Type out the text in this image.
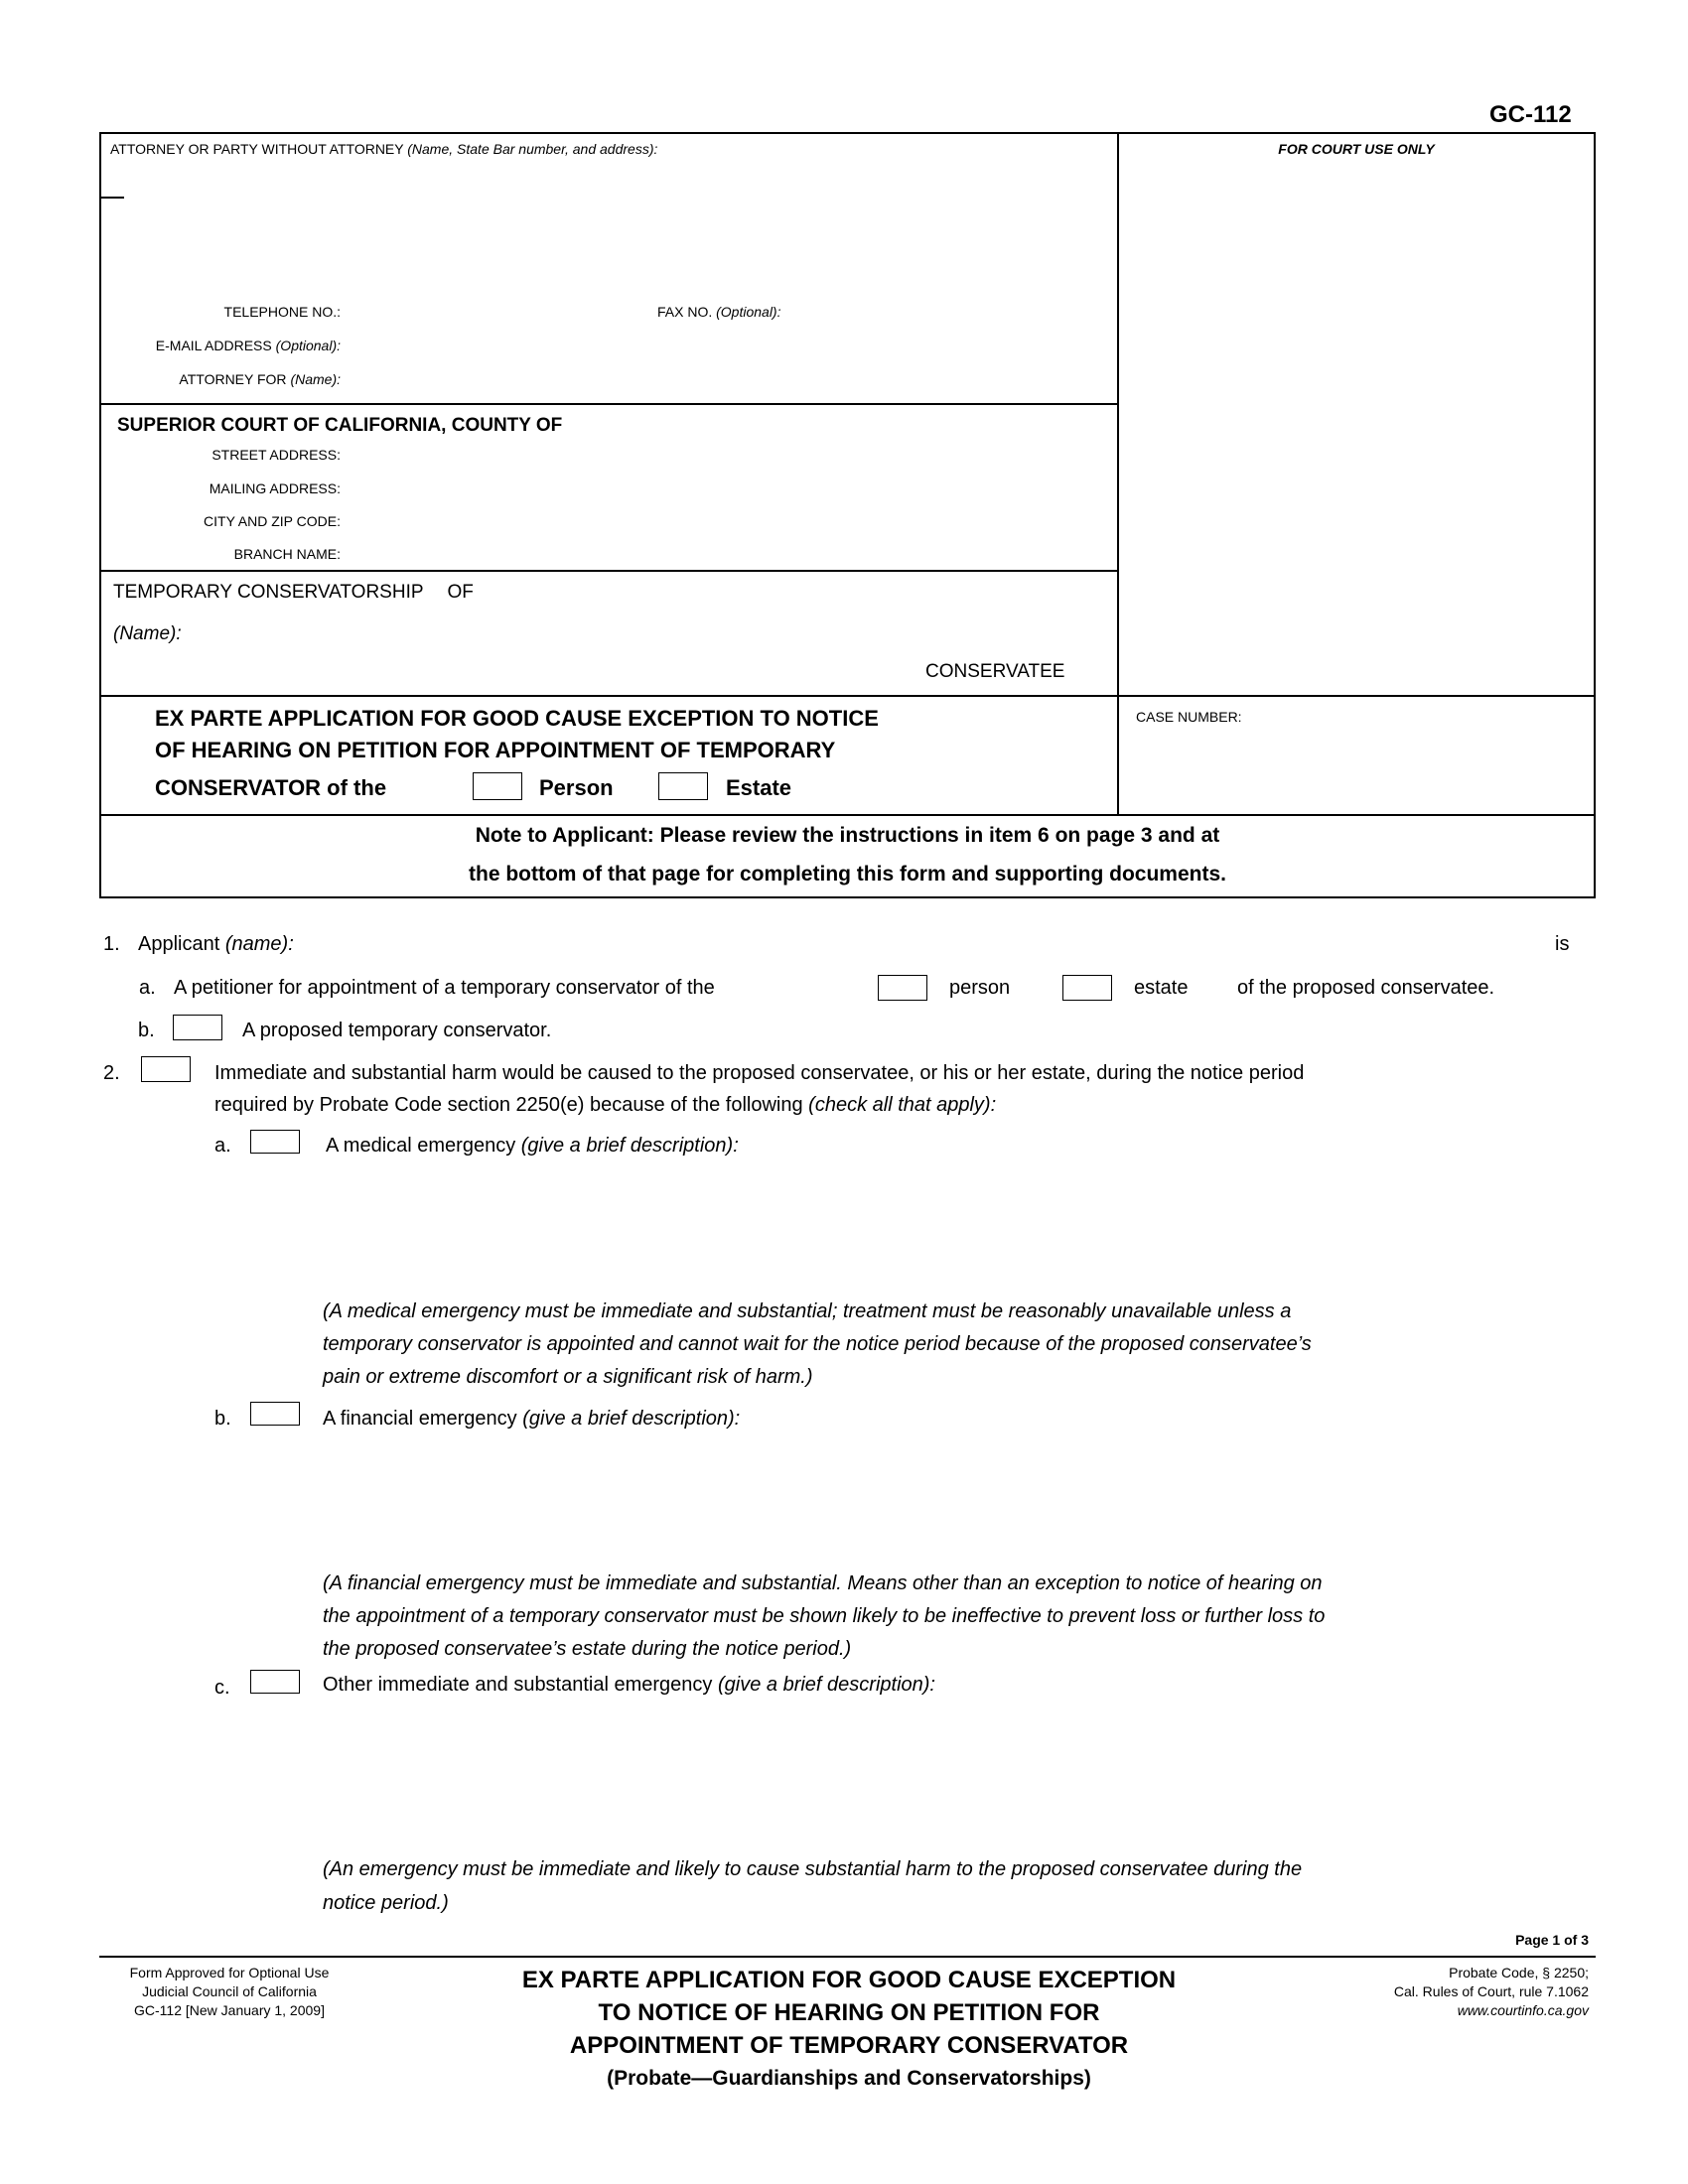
GC-112
ATTORNEY OR PARTY WITHOUT ATTORNEY (Name, State Bar number, and address):	FOR COURT USE ONLY
TELEPHONE NO.:	FAX NO. (Optional):
E-MAIL ADDRESS (Optional):
ATTORNEY FOR (Name):
SUPERIOR COURT OF CALIFORNIA, COUNTY OF
STREET ADDRESS:
MAILING ADDRESS:
CITY AND ZIP CODE:
BRANCH NAME:
TEMPORARY CONSERVATORSHIP OF
(Name):
CONSERVATEE
EX PARTE APPLICATION FOR GOOD CAUSE EXCEPTION TO NOTICE
OF HEARING ON PETITION FOR APPOINTMENT OF TEMPORARY
CONSERVATOR of the	Person	Estate
CASE NUMBER:
Note to Applicant: Please review the instructions in item 6 on page 3 and at
the bottom of that page for completing this form and supporting documents.
1. Applicant (name):	is
a. A petitioner for appointment of a temporary conservator of the	person	estate of the proposed conservatee.
b.	A proposed temporary conservator.
2.	Immediate and substantial harm would be caused to the proposed conservatee, or his or her estate, during the notice period
required by Probate Code section 2250(e) because of the following (check all that apply):
a.	A medical emergency (give a brief description):
(A medical emergency must be immediate and substantial; treatment must be reasonably unavailable unless a
temporary conservator is appointed and cannot wait for the notice period because of the proposed conservatee’s
pain or extreme discomfort or a significant risk of harm.)
b.	A financial emergency (give a brief description):
(A financial emergency must be immediate and substantial. Means other than an exception to notice of hearing on
the appointment of a temporary conservator must be shown likely to be ineffective to prevent loss or further loss to
the proposed conservatee’s estate during the notice period.)
c.	Other immediate and substantial emergency (give a brief description):
(An emergency must be immediate and likely to cause substantial harm to the proposed conservatee during the
notice period.)
Page 1 of 3
Form Approved for Optional Use
Judicial Council of California
GC-112 [New January 1, 2009]
EX PARTE APPLICATION FOR GOOD CAUSE EXCEPTION
TO NOTICE OF HEARING ON PETITION FOR
APPOINTMENT OF TEMPORARY CONSERVATOR
(Probate—Guardianships and Conservatorships)
Probate Code, § 2250;
Cal. Rules of Court, rule 7.1062
www.courtinfo.ca.gov
